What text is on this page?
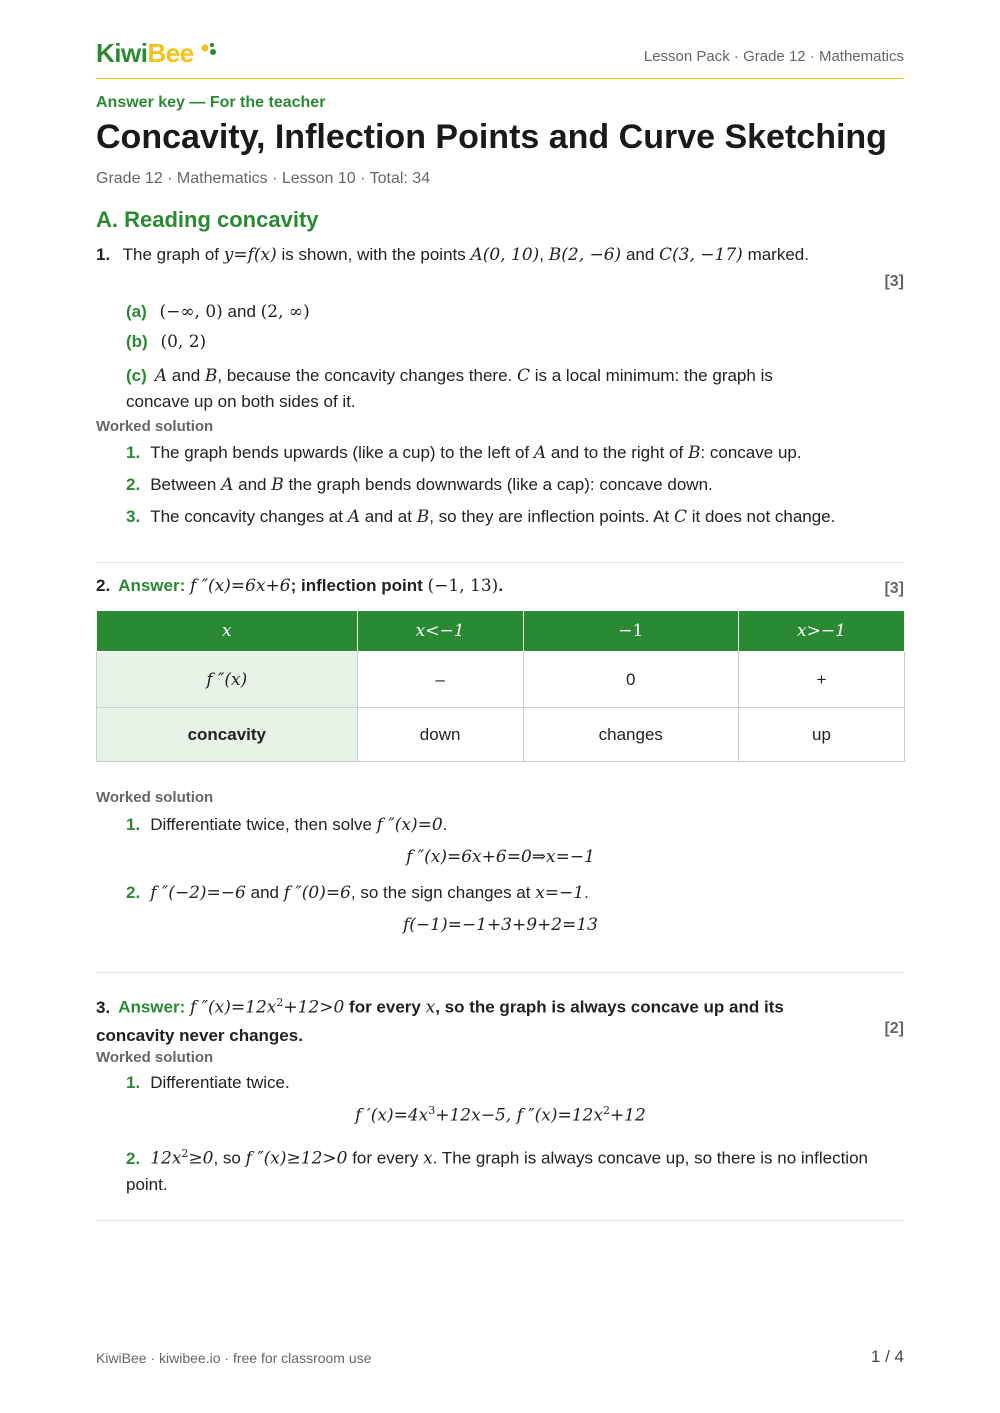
KiwiBee	Lesson Pack · Grade 12 · Mathematics
Answer key — For the teacher
Concavity, Inflection Points and Curve Sketching
Grade 12 · Mathematics · Lesson 10 · Total: 34
A. Reading concavity
1. The graph of y=f(x) is shown, with the points A(0, 10), B(2, −6) and C(3, −17) marked.
[3]
(a) (−∞, 0) and (2, ∞)
(b) (0, 2)
(c) A and B, because the concavity changes there. C is a local minimum: the graph is
concave up on both sides of it.
Worked solution
1. The graph bends upwards (like a cup) to the left of A and to the right of B: concave up.
2. Between A and B the graph bends downwards (like a cap): concave down.
3. The concavity changes at A and at B, so they are inflection points. At C it does not change.
2. Answer: f ″(x)=6x+6; inflection point (−1, 13).	[3]
x	x<−1	−1	x>−1
f ″(x)	–	0	+
concavity	down	changes	up
Worked solution
1. Differentiate twice, then solve f ″(x)=0.
f ″(x)=6x+6=0⇒x=−1
2. f ″(−2)=−6 and f ″(0)=6, so the sign changes at x=−1.
f(−1)=−1+3+9+2=13
3. Answer: f $''(x)=12x^2+12>0$ for every x, so the graph is always concave up and its
concavity never changes.	[2]
Worked solution
1. Differentiate twice.
f $'(x)=4x^3+12x-5$, f $''(x)=12x^2+12$
2. $12x^2\ge 0$, so f ″(x)≥12>0 for every x. The graph is always concave up, so there is no inflection
point.
KiwiBee · kiwibee.io · free for classroom use	1 / 4
